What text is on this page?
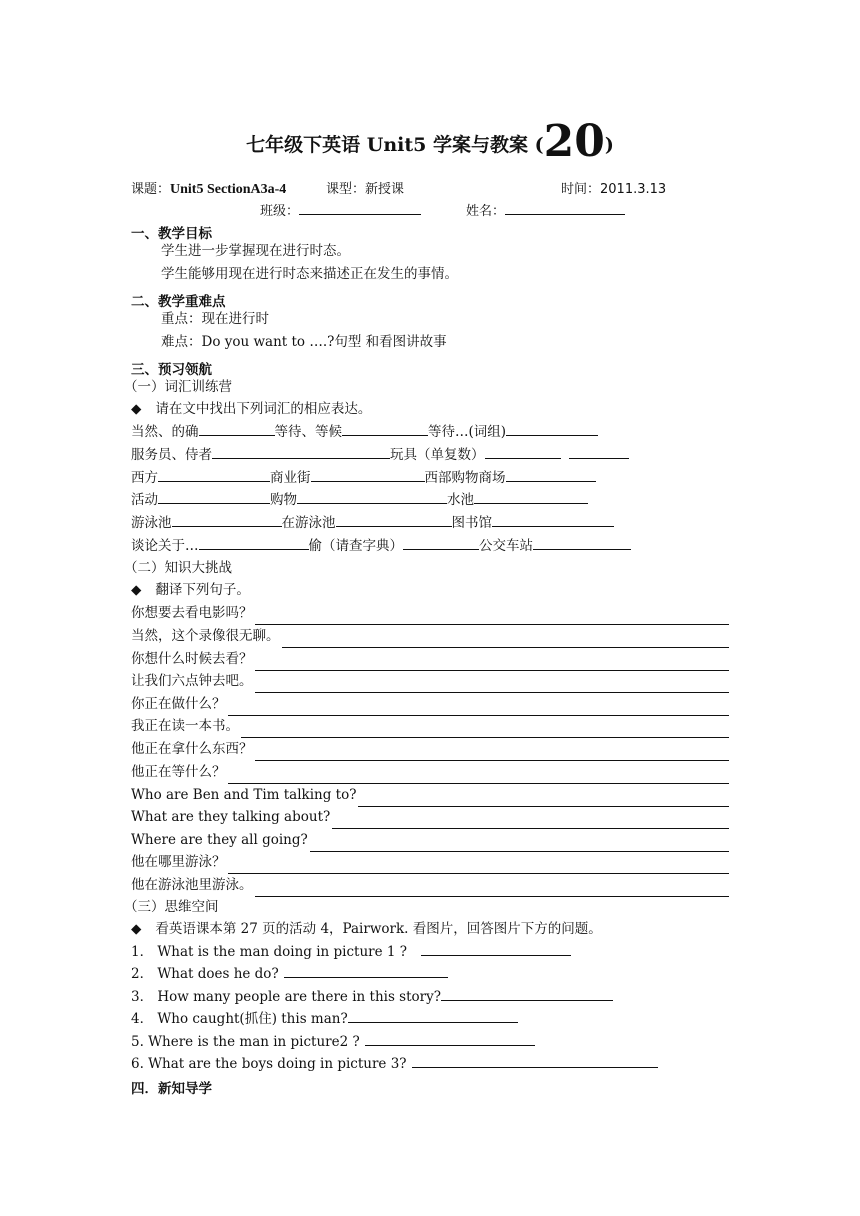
七年级下英语 Unit5 学案与教案 (20)
课题：Unit5 SectionA3a-4	课型：新授课	时间：2011.3.13
班级：	姓名：
一、教学目标
学生进一步掌握现在进行时态。
学生能够用现在进行时态来描述正在发生的事情。
二、教学重难点
重点：现在进行时
难点：Do you want to ….?句型 和看图讲故事
三、预习领航
（一）词汇训练营
◆ 请在文中找出下列词汇的相应表达。
当然、的确	等待、等候	等待…(词组)
服务员、侍者	玩具（单复数）
西方	商业街	西部购物商场
活动	购物	水池
游泳池	在游泳池	图书馆
谈论关于…	偷（请查字典）	公交车站
（二）知识大挑战
◆ 翻译下列句子。
你想要去看电影吗？
当然，这个录像很无聊。
你想什么时候去看？
让我们六点钟去吧。
你正在做什么？
我正在读一本书。
他正在拿什么东西？
他正在等什么？
Who are Ben and Tim talking to?
What are they talking about?
Where are they all going?
他在哪里游泳？
他在游泳池里游泳。
（三）思维空间
◆ 看英语课本第 27 页的活动 4，Pairwork. 看图片，回答图片下方的问题。
1． What is the man doing in picture 1 ?
2． What does he do?
3． How many people are there in this story?
4． Who caught(抓住) this man?
5. Where is the man in picture2 ?
6. What are the boys doing in picture 3?
四．新知导学
